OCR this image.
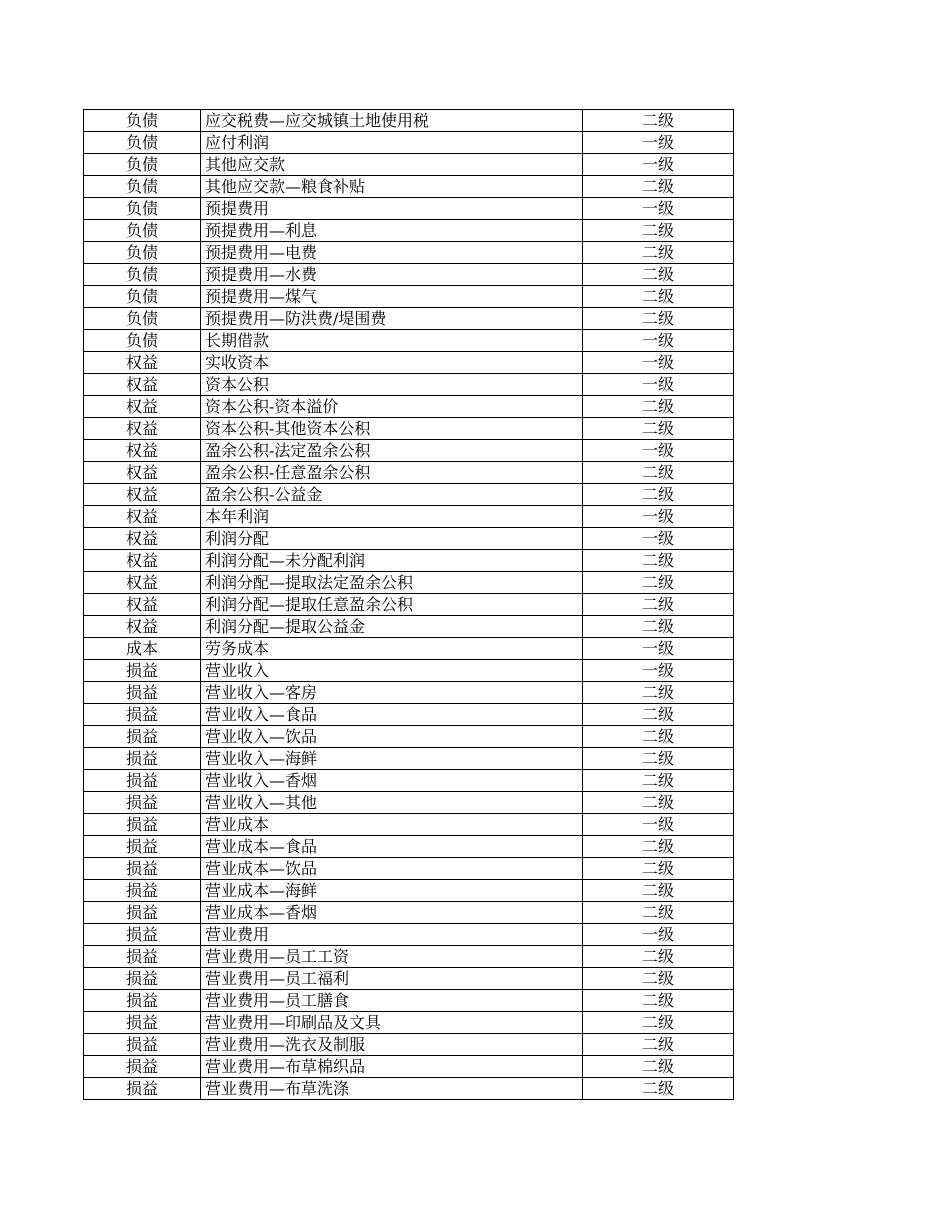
负债	应交税费—应交城镇土地使用税	二级
负债	应付利润	一级
负债	其他应交款	一级
负债	其他应交款—粮食补贴	二级
负债	预提费用	一级
负债	预提费用—利息	二级
负债	预提费用—电费	二级
负债	预提费用—水费	二级
负债	预提费用—煤气	二级
负债	预提费用—防洪费/堤围费	二级
负债	长期借款	一级
权益	实收资本	一级
权益	资本公积	一级
权益	资本公积-资本溢价	二级
权益	资本公积-其他资本公积	二级
权益	盈余公积-法定盈余公积	一级
权益	盈余公积-任意盈余公积	二级
权益	盈余公积-公益金	二级
权益	本年利润	一级
权益	利润分配	一级
权益	利润分配—未分配利润	二级
权益	利润分配—提取法定盈余公积	二级
权益	利润分配—提取任意盈余公积	二级
权益	利润分配—提取公益金	二级
成本	劳务成本	一级
损益	营业收入	一级
损益	营业收入—客房	二级
损益	营业收入—食品	二级
损益	营业收入—饮品	二级
损益	营业收入—海鲜	二级
损益	营业收入—香烟	二级
损益	营业收入—其他	二级
损益	营业成本	一级
损益	营业成本—食品	二级
损益	营业成本—饮品	二级
损益	营业成本—海鲜	二级
损益	营业成本—香烟	二级
损益	营业费用	一级
损益	营业费用—员工工资	二级
损益	营业费用—员工福利	二级
损益	营业费用—员工膳食	二级
损益	营业费用—印刷品及文具	二级
损益	营业费用—洗衣及制服	二级
损益	营业费用—布草棉织品	二级
损益	营业费用—布草洗涤	二级
